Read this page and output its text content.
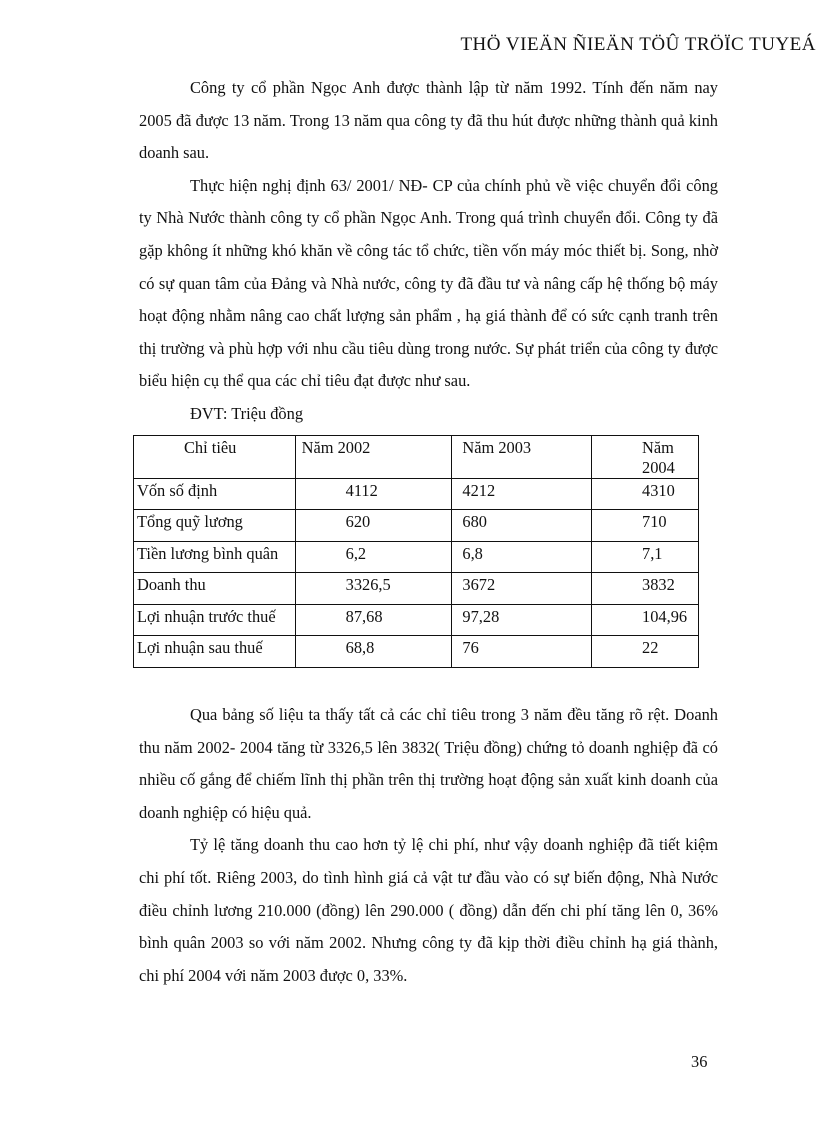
THÖ VIEÄN ÑIEÄN TÖÛ TRÖÏC TUYEÁ

Công ty cổ phần Ngọc Anh được thành lập từ năm 1992. Tính đến năm nay 2005 đã được 13 năm. Trong 13 năm qua công ty đã thu hút được những thành quả kinh doanh sau.

Thực hiện nghị định 63/ 2001/ NĐ- CP của chính phủ về việc chuyển đổi công ty Nhà Nước thành công ty cổ phần Ngọc Anh. Trong quá trình chuyển đổi. Công ty đã gặp không ít những khó khăn về công tác tổ chức, tiền vốn máy móc thiết bị. Song, nhờ có sự quan tâm của Đảng và Nhà nước, công ty đã đầu tư và nâng cấp hệ thống bộ máy hoạt động nhằm nâng cao chất lượng sản phẩm , hạ giá thành để có sức cạnh tranh trên thị trường và phù hợp với nhu cầu tiêu dùng trong nước. Sự phát triển của công ty được biểu hiện cụ thể qua các chỉ tiêu đạt được như sau.

ĐVT: Triệu đồng
Chỉ tiêu	Năm 2002	Năm 2003	Năm 2004
Vốn số định	4112	4212	4310
Tổng quỹ lương	620	680	710
Tiền lương bình quân	6,2	6,8	7,1
Doanh thu	3326,5	3672	3832
Lợi nhuận trước thuế	87,68	97,28	104,96
Lợi nhuận sau thuế	68,8	76	22

Qua bảng số liệu ta thấy tất cả các chỉ tiêu trong 3 năm đều tăng rõ rệt. Doanh thu năm 2002- 2004 tăng từ 3326,5 lên 3832( Triệu đồng) chứng tỏ doanh nghiệp đã có nhiều cố gắng để chiếm lĩnh thị phần trên thị trường hoạt động sản xuất kinh doanh của doanh nghiệp có hiệu quả.

Tỷ lệ tăng doanh thu cao hơn tỷ lệ chi phí, như vậy doanh nghiệp đã tiết kiệm chi phí tốt. Riêng 2003, do tình hình giá cả vật tư đầu vào có sự biến động, Nhà Nước điều chỉnh lương 210.000 (đồng) lên 290.000 ( đồng) dẫn đến chi phí tăng lên 0, 36% bình quân 2003 so với năm 2002. Nhưng công ty đã kịp thời điều chỉnh hạ giá thành, chi phí 2004 với năm 2003 được 0, 33%.

36
